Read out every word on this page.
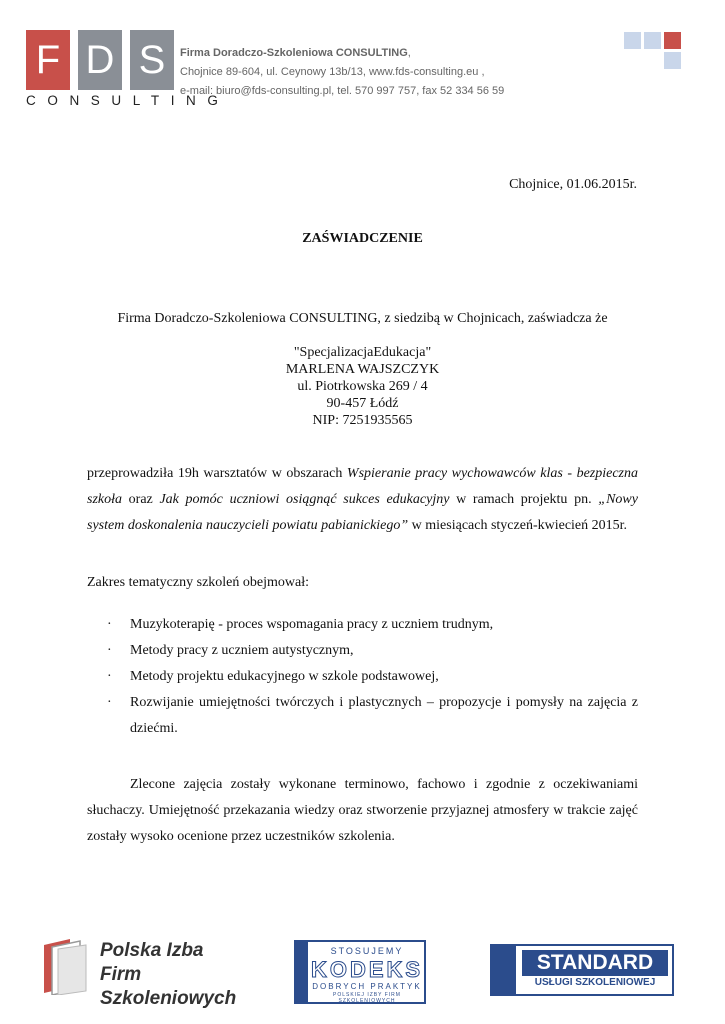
F D S
CONSULTING
Firma Doradczo-Szkoleniowa CONSULTING,
Chojnice 89-604, ul. Ceynowy 13b/13, www.fds-consulting.eu ,
e-mail: biuro@fds-consulting.pl, tel. 570 997 757, fax 52 334 56 59
Chojnice, 01.06.2015r.
ZAŚWIADCZENIE
Firma Doradczo-Szkoleniowa CONSULTING, z siedzibą w Chojnicach, zaświadcza że
"SpecjalizacjaEdukacja"
MARLENA WAJSZCZYK
ul. Piotrkowska 269 / 4
90-457 Łódź
NIP: 7251935565
przeprowadziła 19h warsztatów w obszarach Wspieranie pracy wychowawców klas - bezpieczna szkoła oraz Jak pomóc uczniowi osiągnąć sukces edukacyjny w ramach projektu pn. „Nowy system doskonalenia nauczycieli powiatu pabianickiego” w miesiącach styczeń-kwiecień 2015r.
Zakres tematyczny szkoleń obejmował:
· Muzykoterapię - proces wspomagania pracy z uczniem trudnym,
· Metody pracy z uczniem autystycznym,
· Metody projektu edukacyjnego w szkole podstawowej,
· Rozwijanie umiejętności twórczych i plastycznych – propozycje i pomysły na zajęcia z dziećmi.
Zlecone zajęcia zostały wykonane terminowo, fachowo i zgodnie z oczekiwaniami słuchaczy. Umiejętność przekazania wiedzy oraz stworzenie przyjaznej atmosfery w trakcie zajęć zostały wysoko ocenione przez uczestników szkolenia.
Polska Izba
Firm Szkoleniowych
STOSUJEMY
KODEKS
DOBRYCH PRAKTYK
POLSKIEJ IZBY FIRM SZKOLENIOWYCH
STANDARD
USŁUGI SZKOLENIOWEJ
